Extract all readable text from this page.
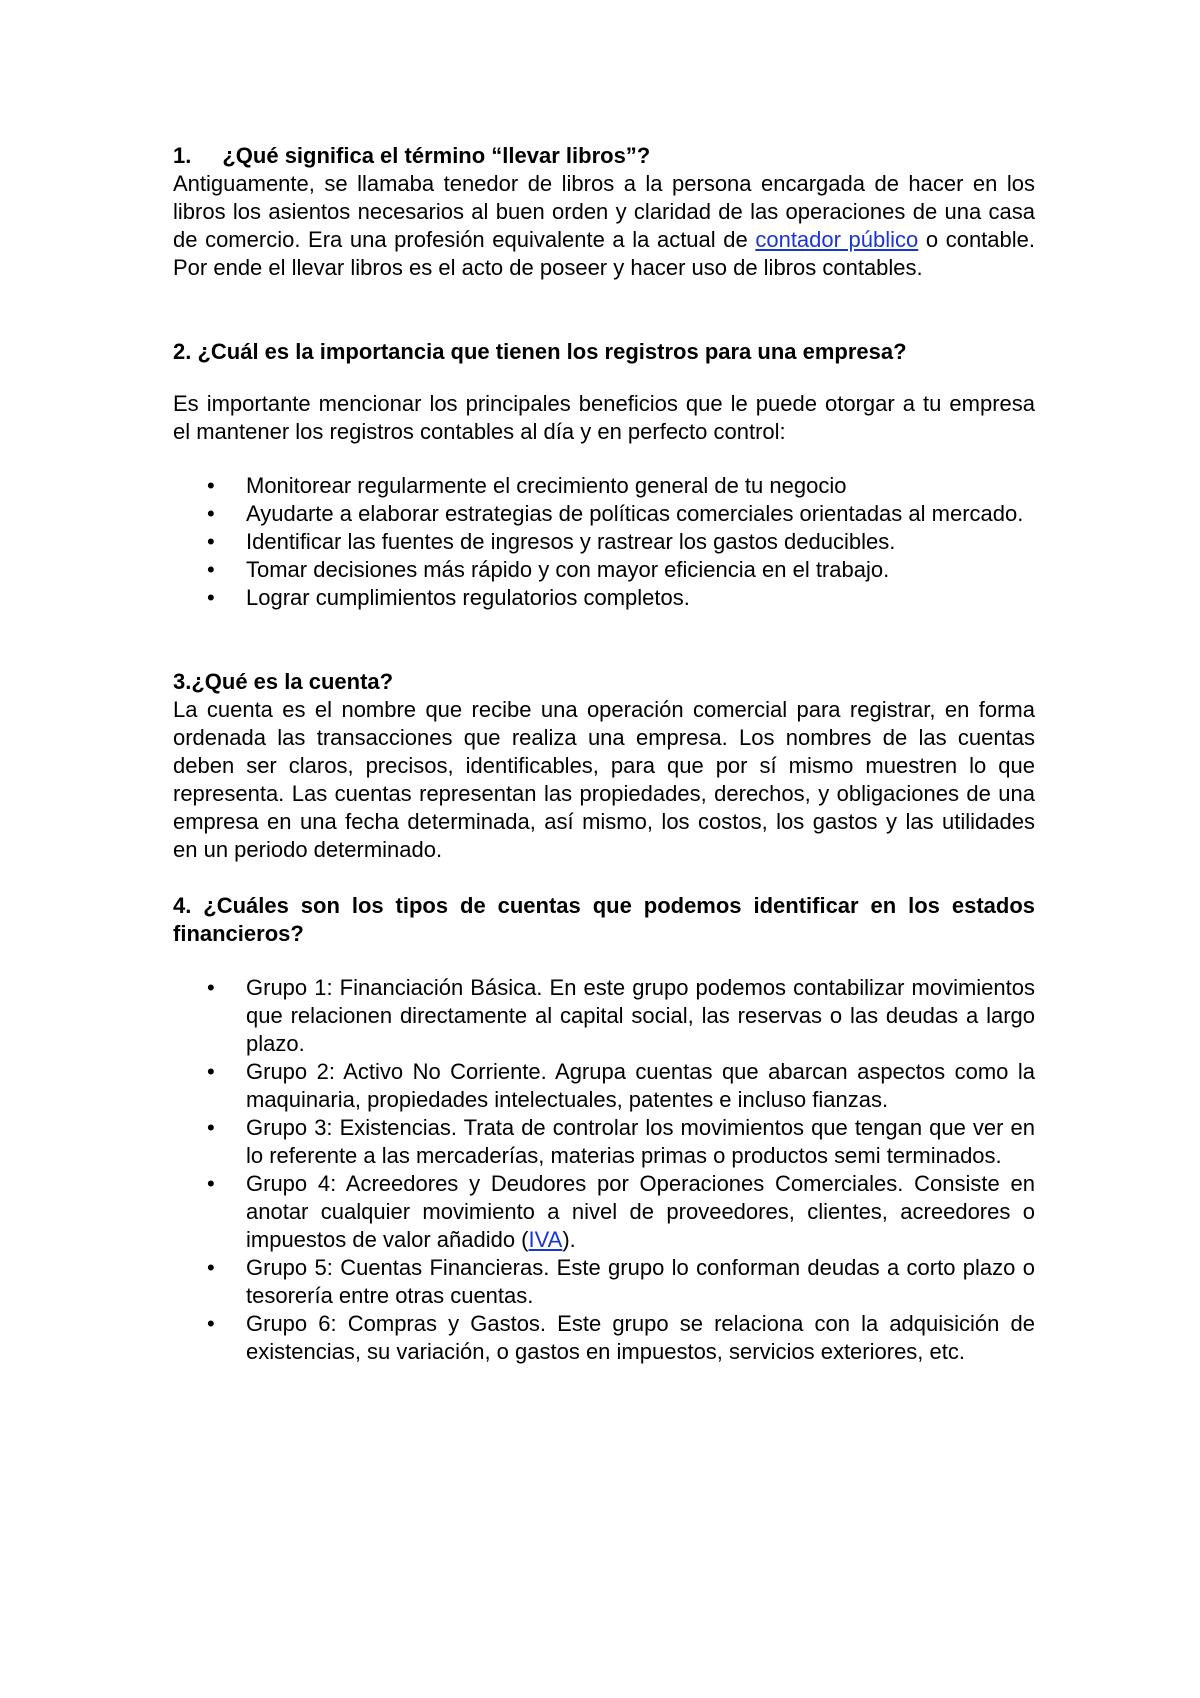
1. ¿Qué significa el término “llevar libros”?

Antiguamente, se llamaba tenedor de libros a la persona encargada de hacer en los libros los asientos necesarios al buen orden y claridad de las operaciones de una casa de comercio. Era una profesión equivalente a la actual de contador público o contable. Por ende el llevar libros es el acto de poseer y hacer uso de libros contables.

2. ¿Cuál es la importancia que tienen los registros para una empresa?

Es importante mencionar los principales beneficios que le puede otorgar a tu empresa el mantener los registros contables al día y en perfecto control:

• Monitorear regularmente el crecimiento general de tu negocio
• Ayudarte a elaborar estrategias de políticas comerciales orientadas al mercado.
• Identificar las fuentes de ingresos y rastrear los gastos deducibles.
• Tomar decisiones más rápido y con mayor eficiencia en el trabajo.
• Lograr cumplimientos regulatorios completos.
3.¿Qué es la cuenta?

La cuenta es el nombre que recibe una operación comercial para registrar, en forma ordenada las transacciones que realiza una empresa. Los nombres de las cuentas deben ser claros, precisos, identificables, para que por sí mismo muestren lo que representa. Las cuentas representan las propiedades, derechos, y obligaciones de una empresa en una fecha determinada, así mismo, los costos, los gastos y las utilidades en un periodo determinado.

4. ¿Cuáles son los tipos de cuentas que podemos identificar en los estados financieros?
• Grupo 1: Financiación Básica. En este grupo podemos contabilizar movimientos que relacionen directamente al capital social, las reservas o las deudas a largo plazo.
• Grupo 2: Activo No Corriente. Agrupa cuentas que abarcan aspectos como la maquinaria, propiedades intelectuales, patentes e incluso fianzas.
• Grupo 3: Existencias. Trata de controlar los movimientos que tengan que ver en lo referente a las mercaderías, materias primas o productos semi terminados.
• Grupo 4: Acreedores y Deudores por Operaciones Comerciales. Consiste en anotar cualquier movimiento a nivel de proveedores, clientes, acreedores o impuestos de valor añadido (IVA).
• Grupo 5: Cuentas Financieras. Este grupo lo conforman deudas a corto plazo o tesorería entre otras cuentas.
• Grupo 6: Compras y Gastos. Este grupo se relaciona con la adquisición de existencias, su variación, o gastos en impuestos, servicios exteriores, etc.
